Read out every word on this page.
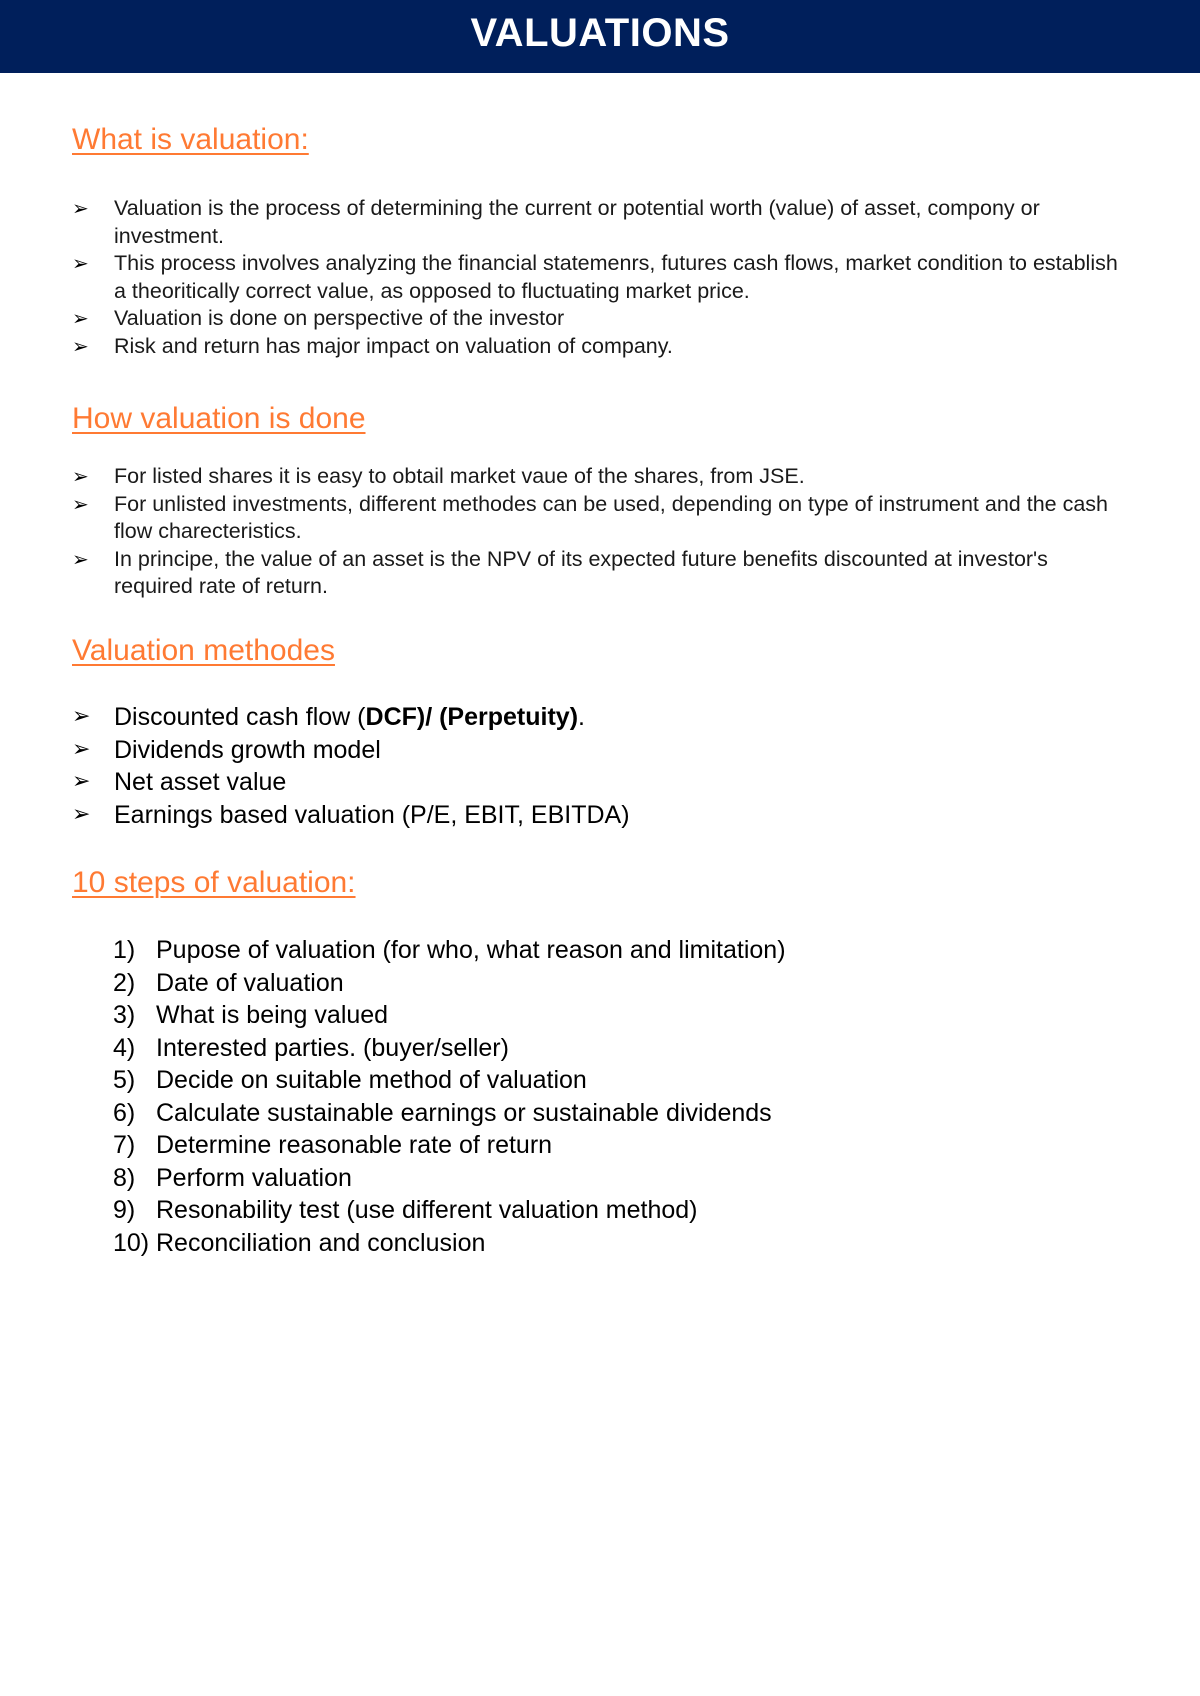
VALUATIONS
What is valuation:
➢ Valuation is the process of determining the current or potential worth (value) of asset, compony or investment.
➢ This process involves analyzing the financial statemenrs, futures cash flows, market condition to establish a theoritically correct value, as opposed to fluctuating market price.
➢ Valuation is done on perspective of the investor
➢ Risk and return has major impact on valuation of company.
How valuation is done
➢ For listed shares it is easy to obtail market vaue of the shares, from JSE.
➢ For unlisted investments, different methodes can be used, depending on type of instrument and the cash flow charecteristics.
➢ In principe, the value of an asset is the NPV of its expected future benefits discounted at investor's required rate of return.
Valuation methodes
➢ Discounted cash flow (DCF)/ (Perpetuity).
➢ Dividends growth model
➢ Net asset value
➢ Earnings based valuation (P/E, EBIT, EBITDA)
10 steps of valuation:
1) Pupose of valuation (for who, what reason and limitation)
2) Date of valuation
3) What is being valued
4) Interested parties. (buyer/seller)
5) Decide on suitable method of valuation
6) Calculate sustainable earnings or sustainable dividends
7) Determine reasonable rate of return
8) Perform valuation
9) Resonability test (use different valuation method)
10) Reconciliation and conclusion
